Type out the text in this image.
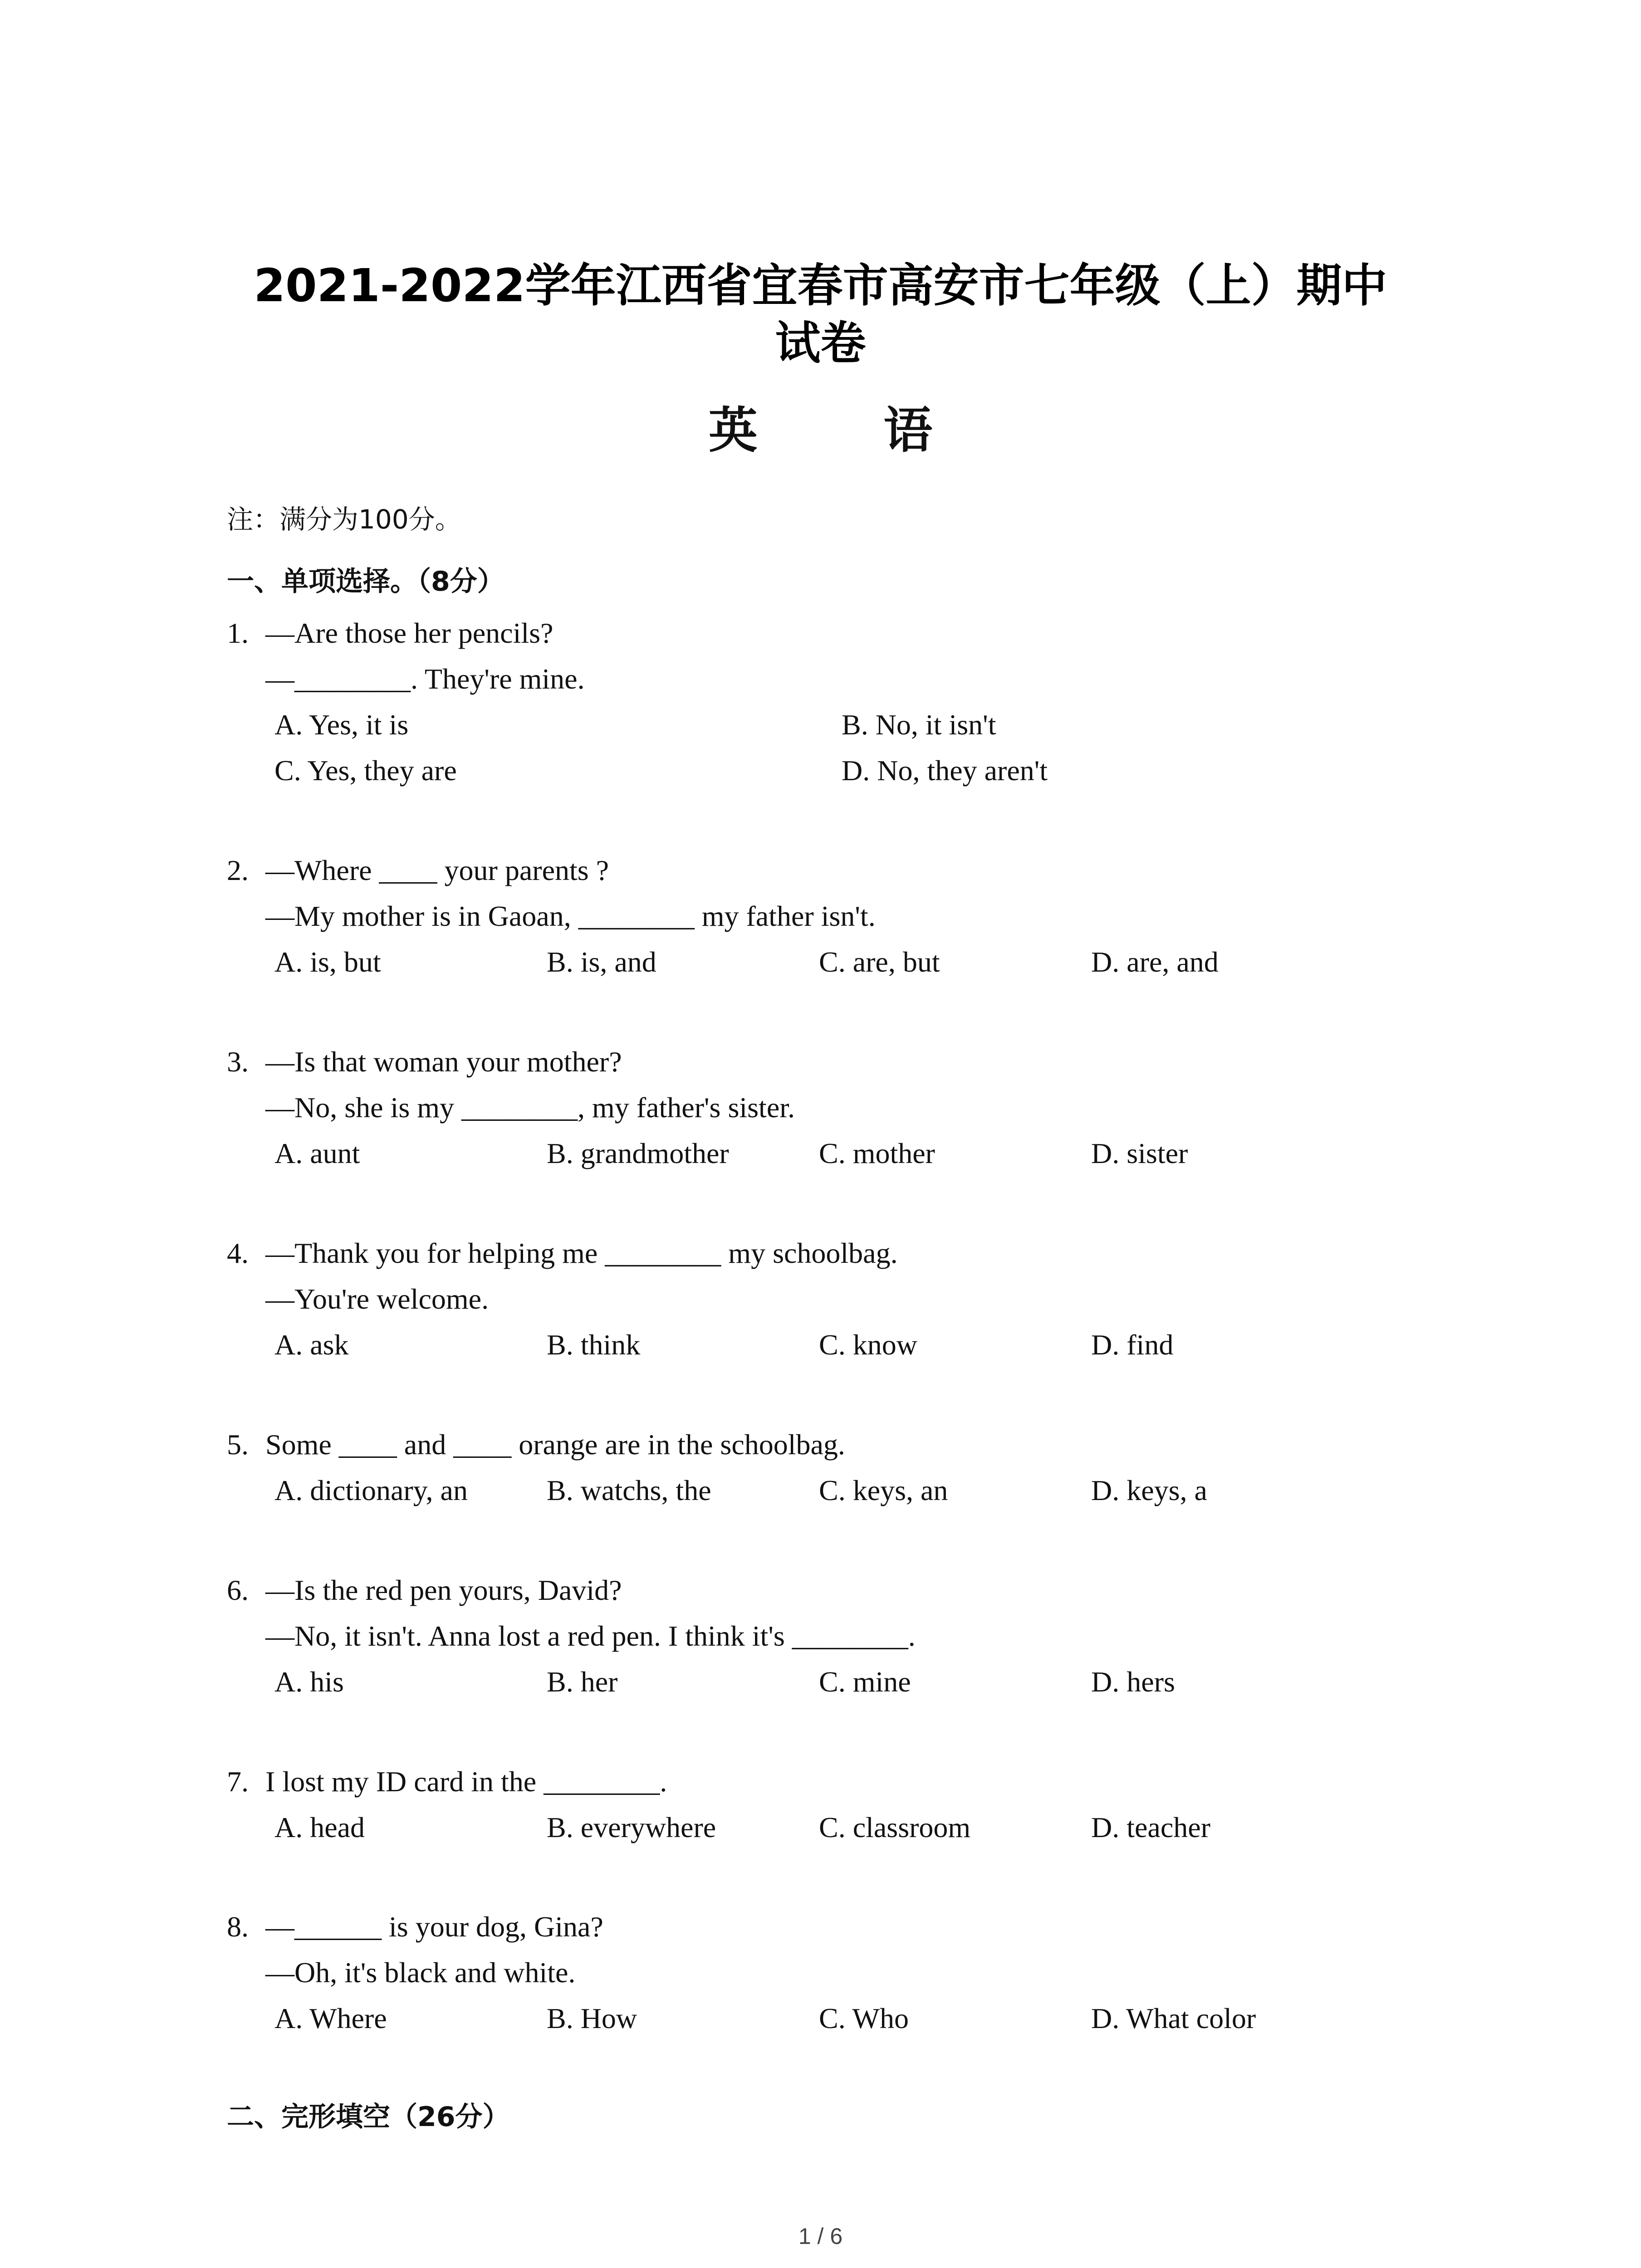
2021-2022学年江西省宜春市高安市七年级（上）期中
试卷
英 语
注：满分为100分。
一、单项选择。（8分）
1. —Are those her pencils?
—________. They're mine.
A. Yes, it is	B. No, it isn't
C. Yes, they are	D. No, they aren't
2. —Where ____ your parents ?
—My mother is in Gaoan, ________ my father isn't.
A. is, but	B. is, and	C. are, but	D. are, and
3. —Is that woman your mother?
—No, she is my ________, my father's sister.
A. aunt	B. grandmother	C. mother	D. sister
4. —Thank you for helping me ________ my schoolbag.
—You're welcome.
A. ask	B. think	C. know	D. find
5. Some ____ and ____ orange are in the schoolbag.
A. dictionary, an	B. watchs, the	C. keys, an	D. keys, a
6. —Is the red pen yours, David?
—No, it isn't. Anna lost a red pen. I think it's ________.
A. his	B. her	C. mine	D. hers
7. I lost my ID card in the ________.
A. head	B. everywhere	C. classroom	D. teacher
8. —______ is your dog, Gina?
—Oh, it's black and white.
A. Where	B. How	C. Who	D. What color
二、完形填空（26分）
1 / 6
